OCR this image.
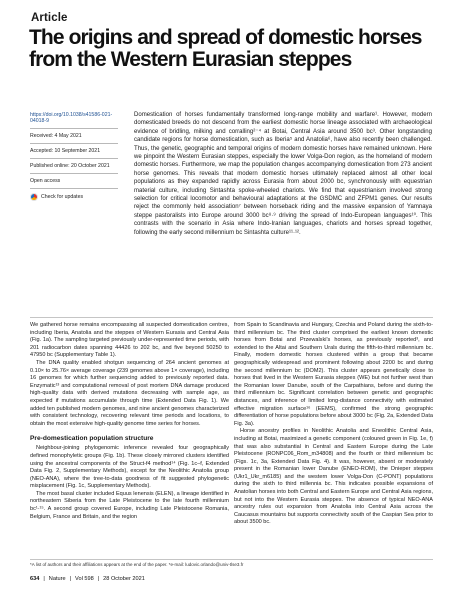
Article
The origins and spread of domestic horses from the Western Eurasian steppes
https://doi.org/10.1038/s41586-021-04018-9
Received: 4 May 2021
Accepted: 10 September 2021
Published online: 20 October 2021
Open access
Check for updates
Domestication of horses fundamentally transformed long-range mobility and warfare¹. However, modern domesticated breeds do not descend from the earliest domestic horse lineage associated with archaeological evidence of bridling, milking and corralling²⁻⁴ at Botai, Central Asia around 3500 bc³. Other longstanding candidate regions for horse domestication, such as Iberia⁵ and Anatolia⁶, have also recently been challenged. Thus, the genetic, geographic and temporal origins of modern domestic horses have remained unknown. Here we pinpoint the Western Eurasian steppes, especially the lower Volga-Don region, as the homeland of modern domestic horses. Furthermore, we map the population changes accompanying domestication from 273 ancient horse genomes. This reveals that modern domestic horses ultimately replaced almost all other local populations as they expanded rapidly across Eurasia from about 2000 bc, synchronously with equestrian material culture, including Sintashta spoke-wheeled chariots. We find that equestrianism involved strong selection for critical locomotor and behavioural adaptations at the GSDMC and ZFPM1 genes. Our results reject the commonly held association⁷ between horseback riding and the massive expansion of Yamnaya steppe pastoralists into Europe around 3000 bc⁸·⁹ driving the spread of Indo-European languages¹⁰. This contrasts with the scenario in Asia where Indo-Iranian languages, chariots and horses spread together, following the early second millennium bc Sintashta culture¹¹·¹².

We gathered horse remains encompassing all suspected domestication centres, including Iberia, Anatolia and the steppes of Western Eurasia and Central Asia (Fig. 1a). The sampling targeted previously under-represented time periods, with 201 radiocarbon dates spanning 44426 to 202 bc, and five beyond 50250 to 47950 bc (Supplementary Table 1).

The DNA quality enabled shotgun sequencing of 264 ancient genomes at 0.10× to 25.76× average coverage (239 genomes above 1× coverage), including 16 genomes for which further sequencing added to previously reported data. Enzymatic¹³ and computational removal of post mortem DNA damage produced high-quality data with derived mutations decreasing with sample age, as expected if mutations accumulate through time (Extended Data Fig. 1). We added ten published modern genomes, and nine ancient genomes characterized with consistent technology, recovering relevant time periods and locations, to obtain the most extensive high-quality genome time series for horses.

Pre-domestication population structure

Neighbour-joining phylogenomic inference revealed four geographically defined monophyletic groups (Fig. 1b). These closely mirrored clusters identified using the ancestral components of the Struct-f4 method¹⁴ (Fig. 1c–f, Extended Data Fig. 2, Supplementary Methods), except for the Neolithic Anatolia group (NEO-ANA), where the tree-to-data goodness of fit suggested phylogenetic misplacement (Fig. 1c, Supplementary Methods).

The most basal cluster included Equus lenensis (ELEN), a lineage identified in northeastern Siberia from the Late Pleistocene to the late fourth millennium bc¹·¹⁵. A second group covered Europe, including Late Pleistocene Romania, Belgium, France and Britain, and the region

from Spain to Scandinavia and Hungary, Czechia and Poland during the sixth-to-third millennium bc. The third cluster comprised the earliest known domestic horses from Botai and Przewalski's horses, as previously reported³, and extended to the Altai and Southern Urals during the fifth-to-third millennium bc. Finally, modern domestic horses clustered within a group that became geographically widespread and prominent following about 2200 bc and during the second millennium bc (DOM2). This cluster appears genetically close to horses that lived in the Western Eurasia steppes (WE) but not further west than the Romanian lower Danube, south of the Carpathians, before and during the third millennium bc. Significant correlation between genetic and geographic distances, and inference of limited long-distance connectivity with estimated effective migration surface¹⁶ (EEMS), confirmed the strong geographic differentiation of horse populations before about 3000 bc (Fig. 2a, Extended Data Fig. 3a).

Horse ancestry profiles in Neolithic Anatolia and Eneolithic Central Asia, including at Botai, maximized a genetic component (coloured green in Fig. 1e, f) that was also substantial in Central and Eastern Europe during the Late Pleistocene (RONPC06_Rom_m34808) and the fourth or third millennium bc (Figs. 1c, 3a, Extended Data Fig. 4). It was, however, absent or moderately present in the Romanian lower Danube (ENEO-ROM), the Dnieper steppes (Ukr1_Ukr_m6185) and the western lower Volga-Don (C-PONT) populations during the sixth to third millennia bc. This indicates possible expansions of Anatolian horses into both Central and Eastern Europe and Central Asia regions, but not into the Western Eurasia steppes. The absence of typical NEO-ANA ancestry rules out expansion from Anatolia into Central Asia across the Caucasus mountains but supports connectivity south of the Caspian Sea prior to about 3500 bc.

*A list of authors and their affiliations appears at the end of the paper. *e-mail: ludovic.orlando@univ-tlse3.fr
634 | Nature | Vol 598 | 28 October 2021
